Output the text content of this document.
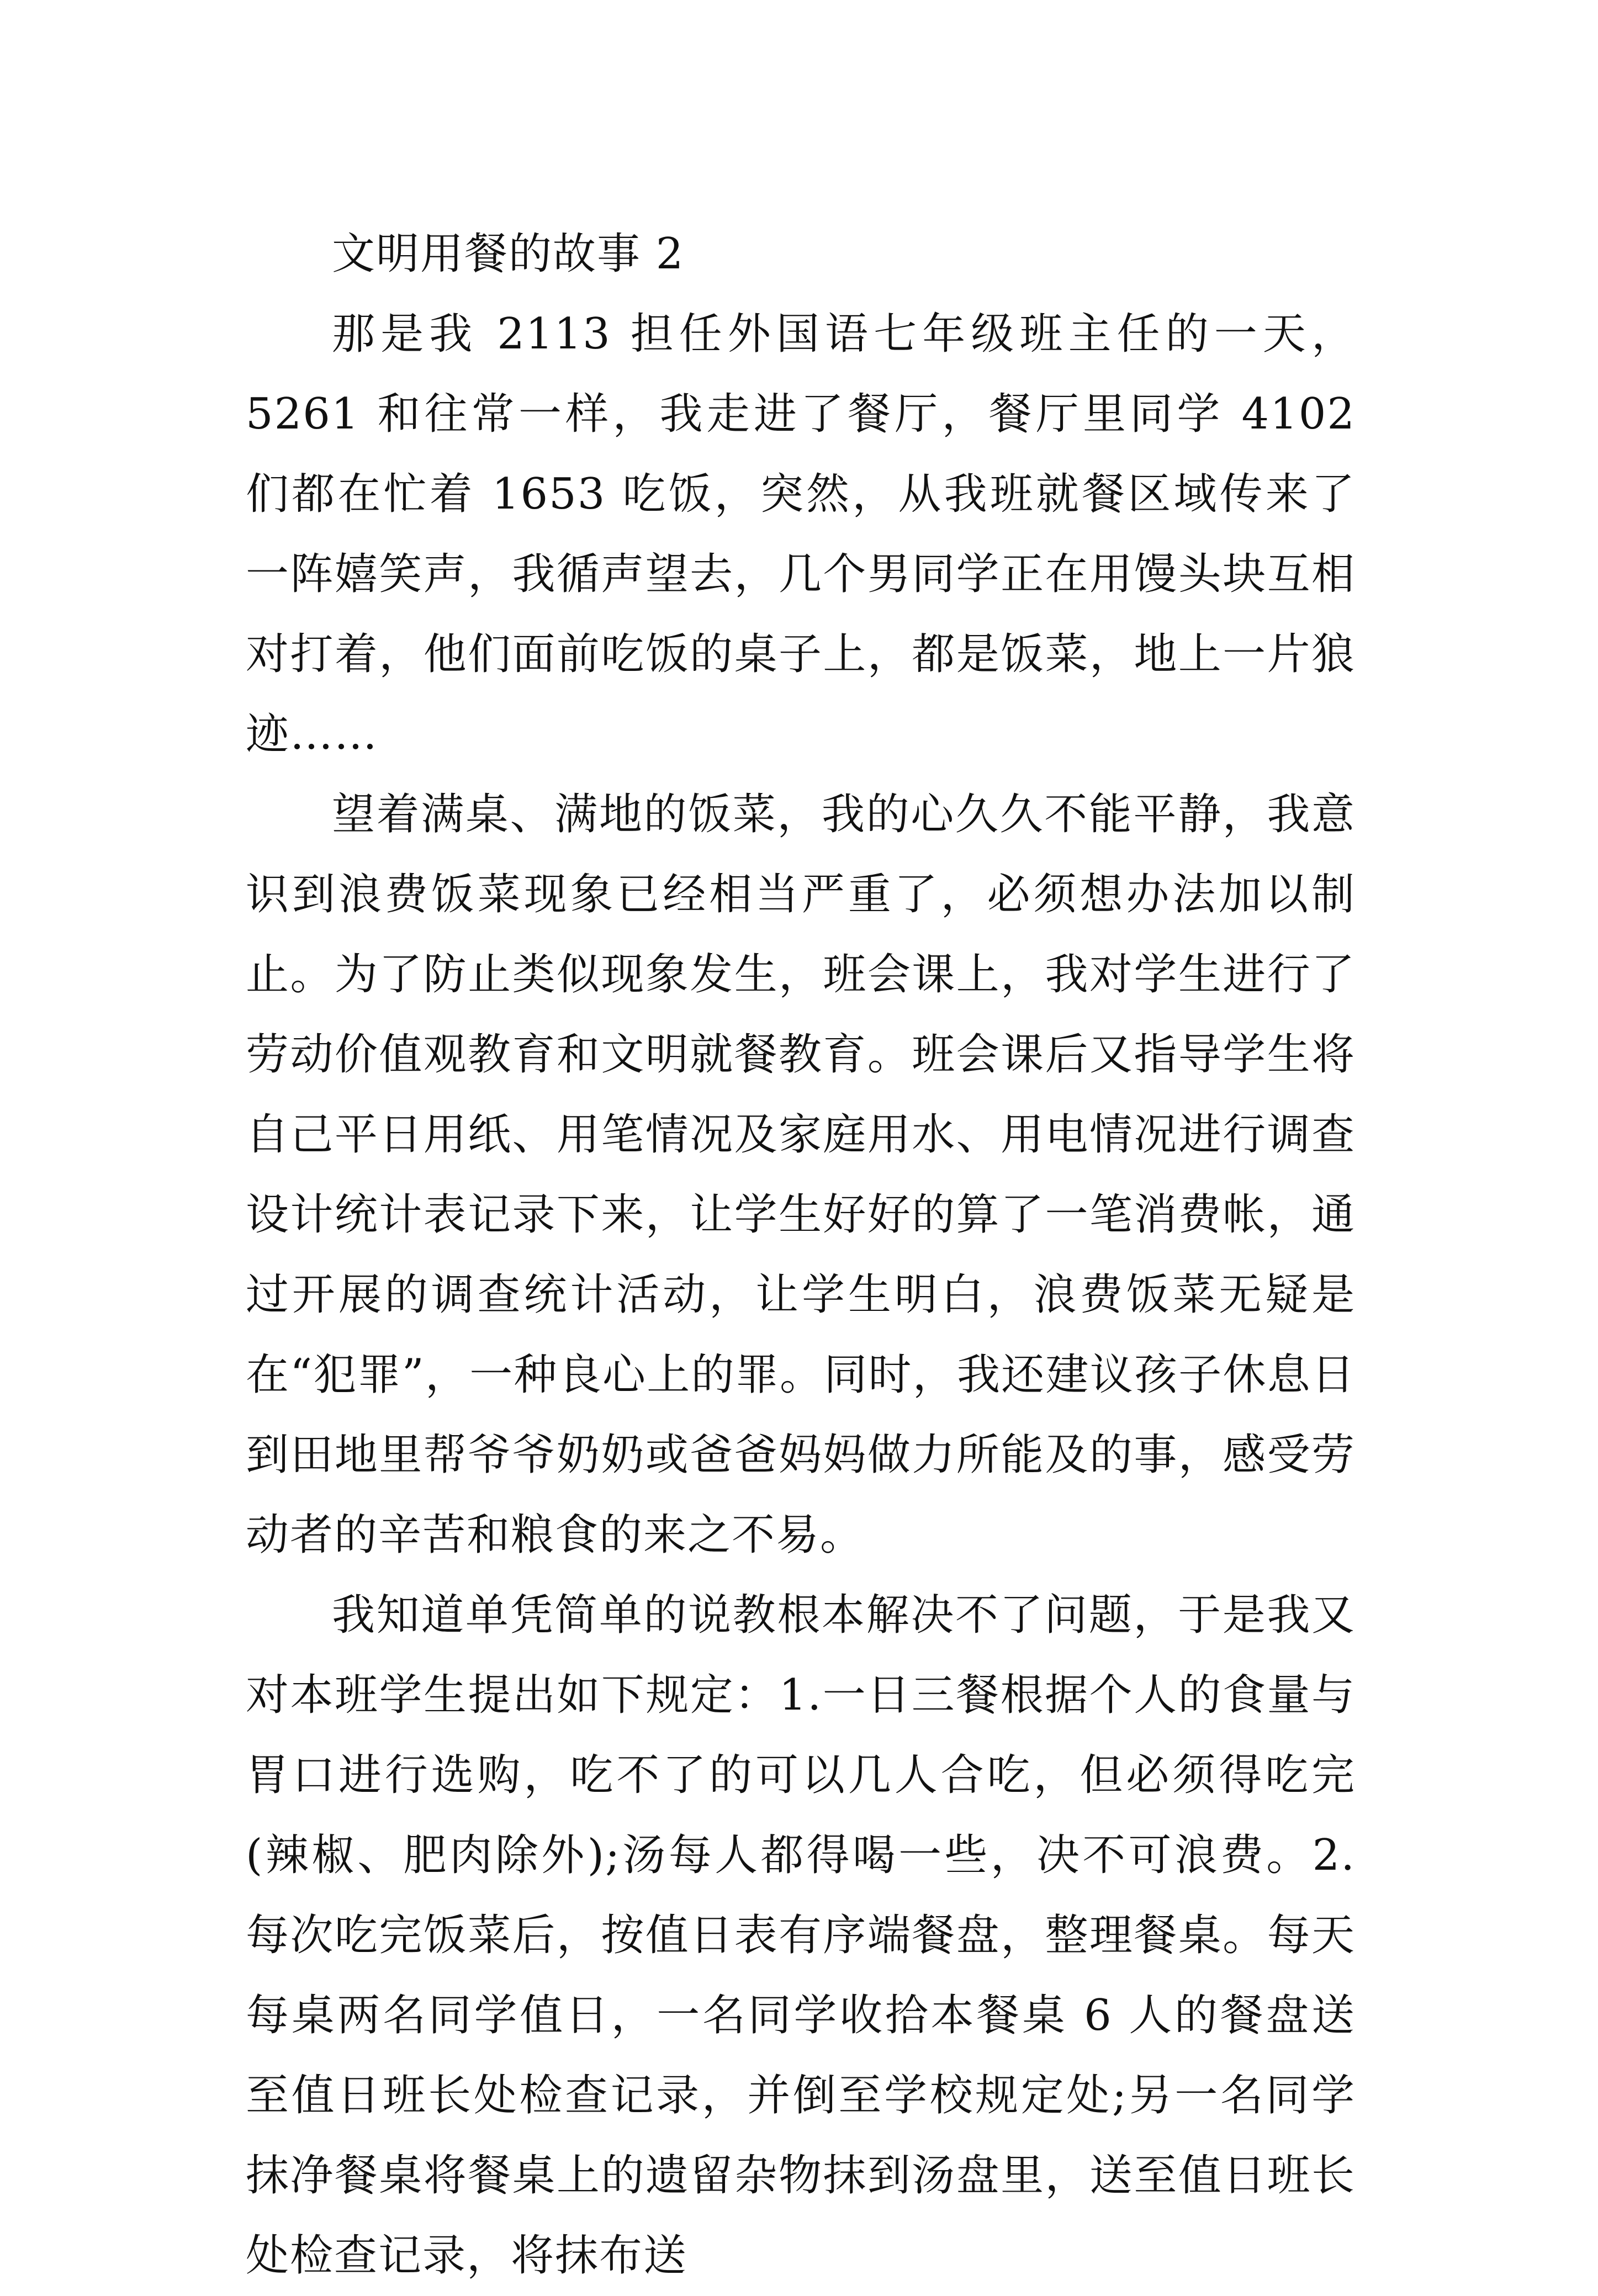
文明用餐的故事 2

那是我 2113 担任外国语七年级班主任的一天，5261 和往常一样，我走进了餐厅，餐厅里同学 4102 们都在忙着 1653 吃饭，突然，从我班就餐区域传来了一阵嬉笑声，我循声望去，几个男同学正在用馒头块互相对打着，他们面前吃饭的桌子上，都是饭菜，地上一片狼迹……

望着满桌、满地的饭菜，我的心久久不能平静，我意识到浪费饭菜现象已经相当严重了，必须想办法加以制止。为了防止类似现象发生，班会课上，我对学生进行了劳动价值观教育和文明就餐教育。班会课后又指导学生将自己平日用纸、用笔情况及家庭用水、用电情况进行调查设计统计表记录下来，让学生好好的算了一笔消费帐，通过开展的调查统计活动，让学生明白，浪费饭菜无疑是在“犯罪”，一种良心上的罪。同时，我还建议孩子休息日到田地里帮爷爷奶奶或爸爸妈妈做力所能及的事，感受劳动者的辛苦和粮食的来之不易。

我知道单凭简单的说教根本解决不了问题，于是我又对本班学生提出如下规定：1.一日三餐根据个人的食量与胃口进行选购，吃不了的可以几人合吃，但必须得吃完(辣椒、肥肉除外);汤每人都得喝一些，决不可浪费。2.每次吃完饭菜后，按值日表有序端餐盘，整理餐桌。每天每桌两名同学值日，一名同学收拾本餐桌 6 人的餐盘送至值日班长处检查记录，并倒至学校规定处;另一名同学抹净餐桌将餐桌上的遗留杂物抹到汤盘里，送至值日班长处检查记录，将抹布送
